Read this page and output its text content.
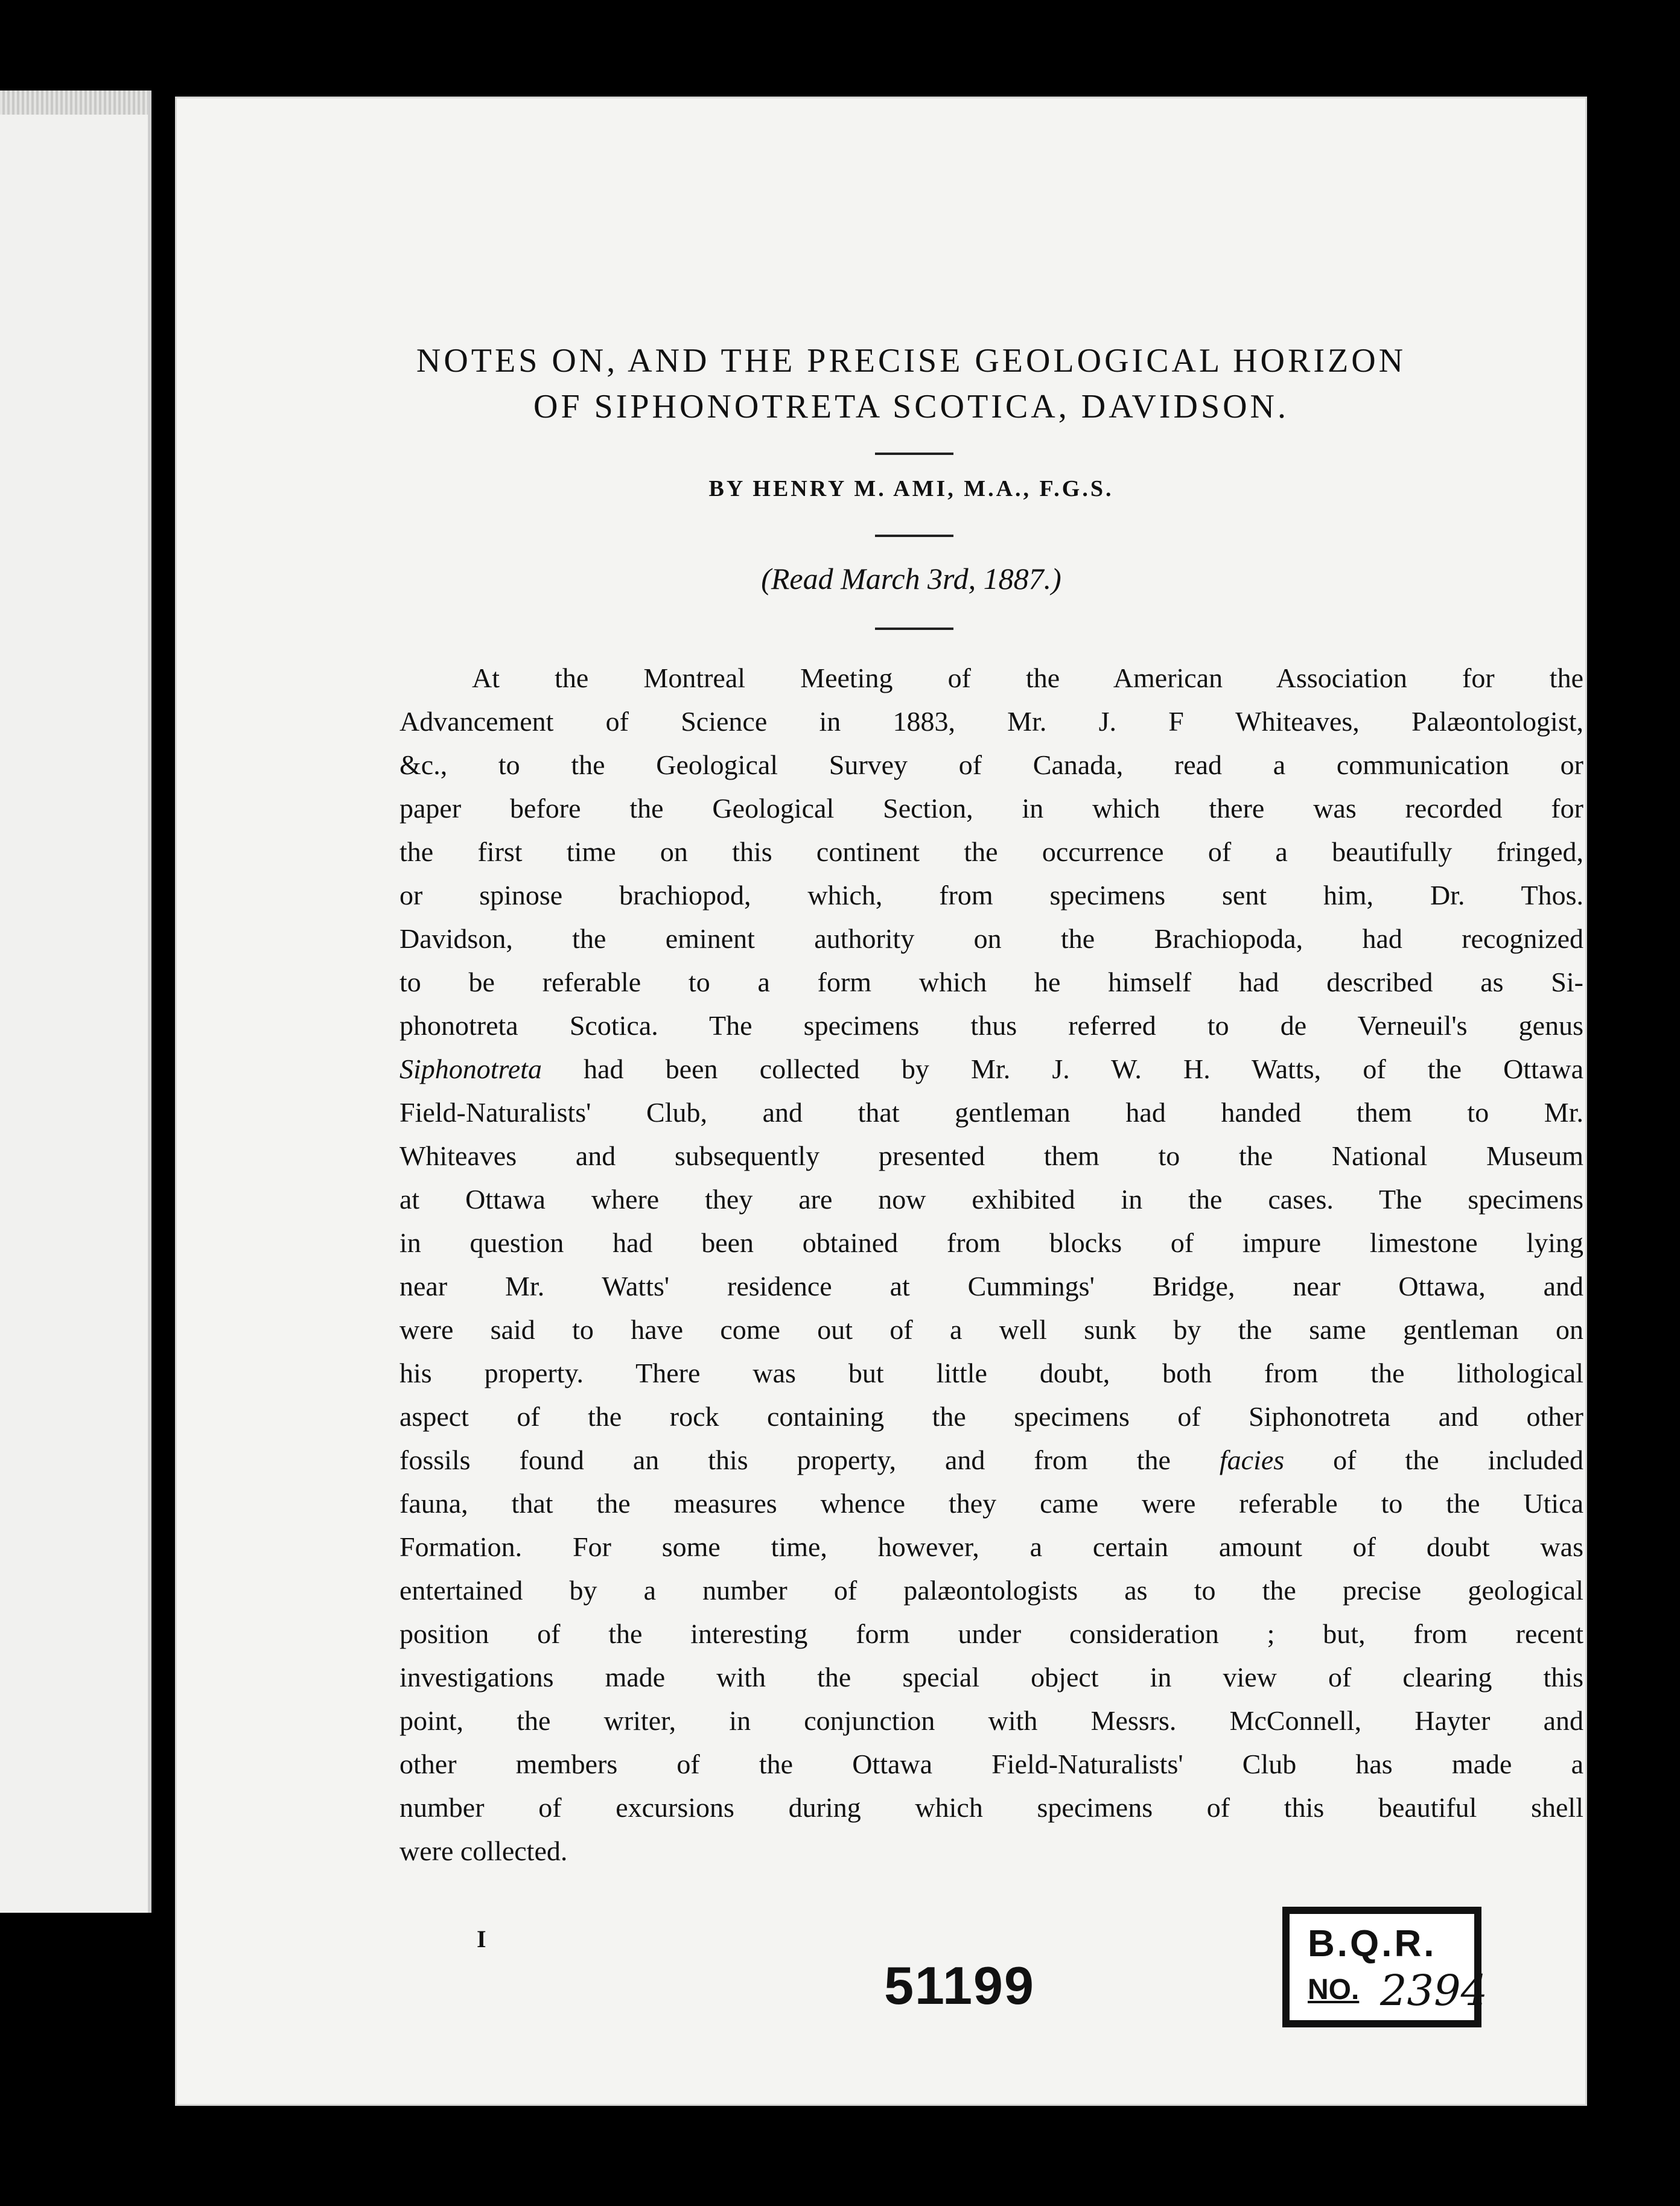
NOTES ON, AND THE PRECISE GEOLOGICAL HORIZON
OF SIPHONOTRETA SCOTICA, DAVIDSON.
BY HENRY M. AMI, M.A., F.G.S.
(Read March 3rd, 1887.)
At the Montreal Meeting of the American Association for the
Advancement of Science in 1883, Mr. J. F Whiteaves, Palæontologist,
&c., to the Geological Survey of Canada, read a communication or
paper before the Geological Section, in which there was recorded for
the first time on this continent the occurrence of a beautifully fringed,
or spinose brachiopod, which, from specimens sent him, Dr. Thos.
Davidson, the eminent authority on the Brachiopoda, had recognized
to be referable to a form which he himself had described as Si-
phonotreta Scotica. The specimens thus referred to de Verneuil's genus
Siphonotreta had been collected by Mr. J. W. H. Watts, of the Ottawa
Field-Naturalists' Club, and that gentleman had handed them to Mr.
Whiteaves and subsequently presented them to the National Museum
at Ottawa where they are now exhibited in the cases. The specimens
in question had been obtained from blocks of impure limestone lying
near Mr. Watts' residence at Cummings' Bridge, near Ottawa, and
were said to have come out of a well sunk by the same gentleman on
his property. There was but little doubt, both from the lithological
aspect of the rock containing the specimens of Siphonotreta and other
fossils found an this property, and from the facies of the included
fauna, that the measures whence they came were referable to the Utica
Formation. For some time, however, a certain amount of doubt was
entertained by a number of palæontologists as to the precise geological
position of the interesting form under consideration ; but, from recent
investigations made with the special object in view of clearing this
point, the writer, in conjunction with Messrs. McConnell, Hayter and
other members of the Ottawa Field-Naturalists' Club has made a
number of excursions during which specimens of this beautiful shell
were collected.
I
51199
B.Q.R.
NO. 2394
